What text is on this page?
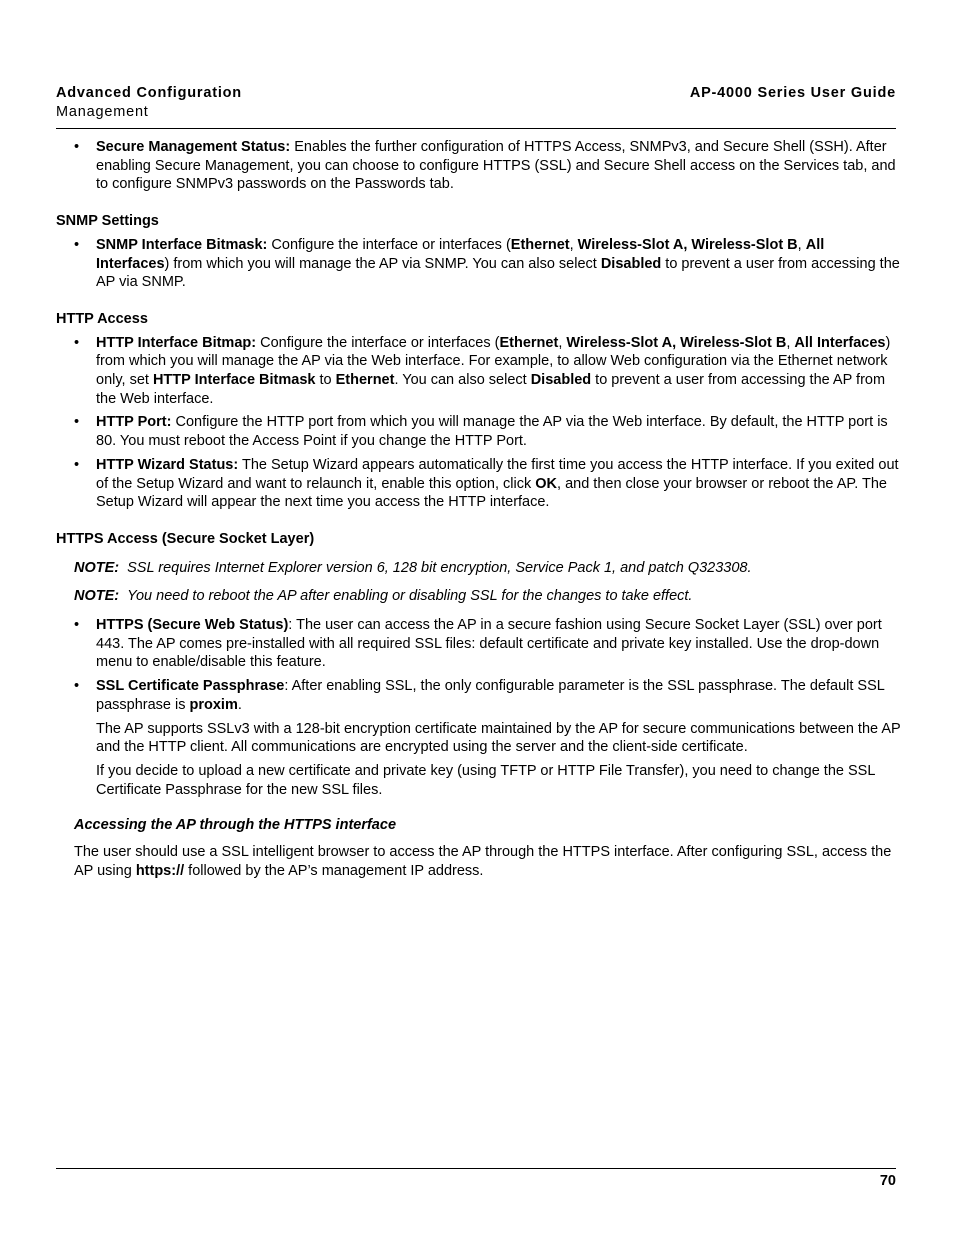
Advanced Configuration
Management
AP-4000 Series User Guide
• Secure Management Status: Enables the further configuration of HTTPS Access, SNMPv3, and Secure Shell (SSH). After enabling Secure Management, you can choose to configure HTTPS (SSL) and Secure Shell access on the Services tab, and to configure SNMPv3 passwords on the Passwords tab.

SNMP Settings
• SNMP Interface Bitmask: Configure the interface or interfaces (Ethernet, Wireless-Slot A, Wireless-Slot B, All Interfaces) from which you will manage the AP via SNMP. You can also select Disabled to prevent a user from accessing the AP via SNMP.

HTTP Access
• HTTP Interface Bitmap: Configure the interface or interfaces (Ethernet, Wireless-Slot A, Wireless-Slot B, All Interfaces) from which you will manage the AP via the Web interface. For example, to allow Web configuration via the Ethernet network only, set HTTP Interface Bitmask to Ethernet. You can also select Disabled to prevent a user from accessing the AP from the Web interface.

• HTTP Port: Configure the HTTP port from which you will manage the AP via the Web interface. By default, the HTTP port is 80. You must reboot the Access Point if you change the HTTP Port.

• HTTP Wizard Status: The Setup Wizard appears automatically the first time you access the HTTP interface. If you exited out of the Setup Wizard and want to relaunch it, enable this option, click OK, and then close your browser or reboot the AP. The Setup Wizard will appear the next time you access the HTTP interface.

HTTPS Access (Secure Socket Layer)
NOTE: SSL requires Internet Explorer version 6, 128 bit encryption, Service Pack 1, and patch Q323308.
NOTE: You need to reboot the AP after enabling or disabling SSL for the changes to take effect.
• HTTPS (Secure Web Status): The user can access the AP in a secure fashion using Secure Socket Layer (SSL) over port 443. The AP comes pre-installed with all required SSL files: default certificate and private key installed. Use the drop-down menu to enable/disable this feature.

• SSL Certificate Passphrase: After enabling SSL, the only configurable parameter is the SSL passphrase. The default SSL passphrase is proxim.

The AP supports SSLv3 with a 128-bit encryption certificate maintained by the AP for secure communications between the AP and the HTTP client. All communications are encrypted using the server and the client-side certificate.

If you decide to upload a new certificate and private key (using TFTP or HTTP File Transfer), you need to change the SSL Certificate Passphrase for the new SSL files.

Accessing the AP through the HTTPS interface

The user should use a SSL intelligent browser to access the AP through the HTTPS interface. After configuring SSL, access the AP using https:// followed by the AP’s management IP address.

70
